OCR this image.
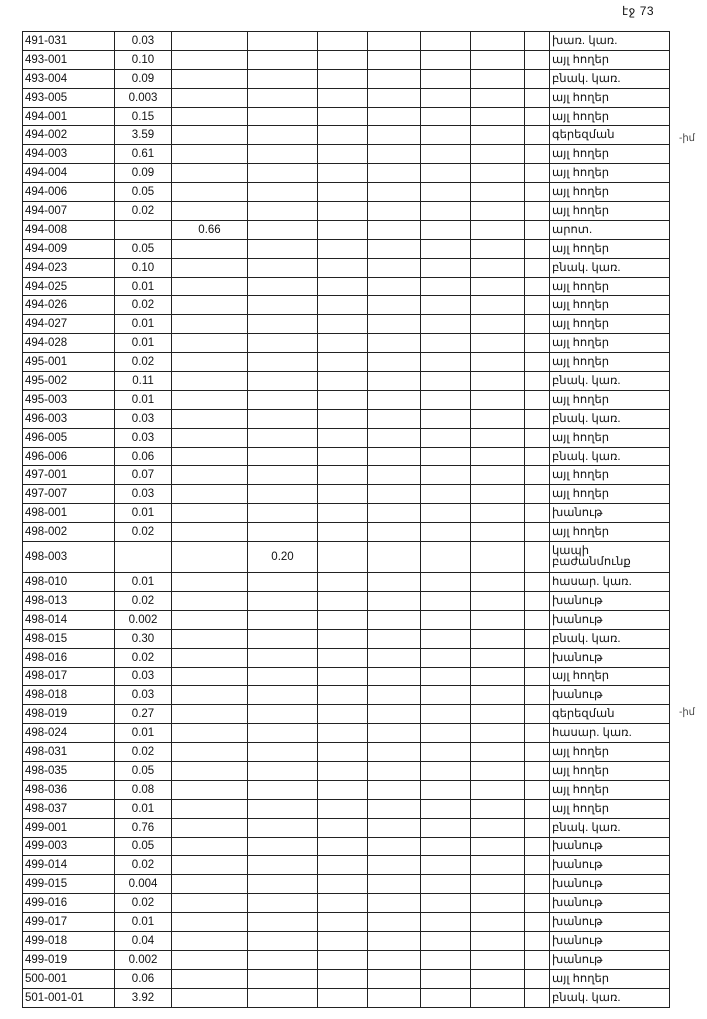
էջ 73
-իմ
-իմ
491-031	0.03								խառ. կառ.
493-001	0.10								այլ հողեր
493-004	0.09								բնակ. կառ.
493-005	0.003								այլ հողեր
494-001	0.15								այլ հողեր
494-002	3.59								գերեզման
494-003	0.61								այլ հողեր
494-004	0.09								այլ հողեր
494-006	0.05								այլ հողեր
494-007	0.02								այլ հողեր
494-008		0.66							արոտ.
494-009	0.05								այլ հողեր
494-023	0.10								բնակ. կառ.
494-025	0.01								այլ հողեր
494-026	0.02								այլ հողեր
494-027	0.01								այլ հողեր
494-028	0.01								այլ հողեր
495-001	0.02								այլ հողեր
495-002	0.11								բնակ. կառ.
495-003	0.01								այլ հողեր
496-003	0.03								բնակ. կառ.
496-005	0.03								այլ հողեր
496-006	0.06								բնակ. կառ.
497-001	0.07								այլ հողեր
497-007	0.03								այլ հողեր
498-001	0.01								խանութ
498-002	0.02								այլ հողեր
498-003			0.20						կապի բաժանմունք
498-010	0.01								հասար. կառ.
498-013	0.02								խանութ
498-014	0.002								խանութ
498-015	0.30								բնակ. կառ.
498-016	0.02								խանութ
498-017	0.03								այլ հողեր
498-018	0.03								խանութ
498-019	0.27								գերեզման
498-024	0.01								հասար. կառ.
498-031	0.02								այլ հողեր
498-035	0.05								այլ հողեր
498-036	0.08								այլ հողեր
498-037	0.01								այլ հողեր
499-001	0.76								բնակ. կառ.
499-003	0.05								խանութ
499-014	0.02								խանութ
499-015	0.004								խանութ
499-016	0.02								խանութ
499-017	0.01								խանութ
499-018	0.04								խանութ
499-019	0.002								խանութ
500-001	0.06								այլ հողեր
501-001-01	3.92								բնակ. կառ.
